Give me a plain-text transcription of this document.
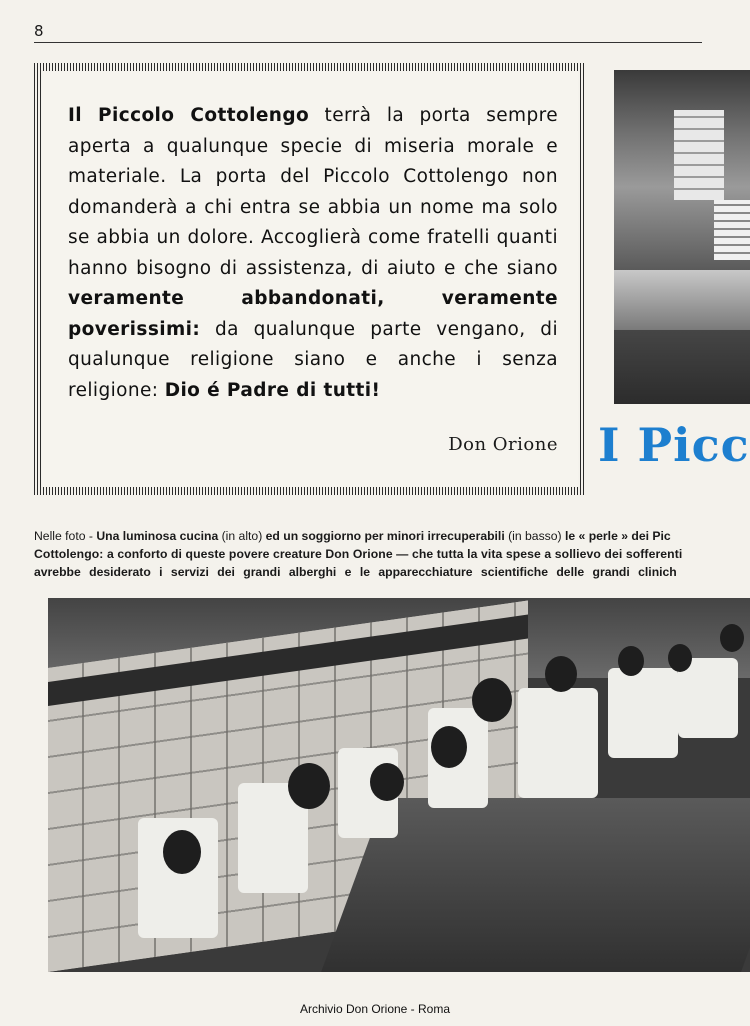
8

Il Piccolo Cottolengo terrà la porta sempre aperta a qualunque specie di miseria morale e materiale. La porta del Piccolo Cottolengo non domanderà a chi entra se abbia un nome ma solo se abbia un dolore. Accoglierà come fratelli quanti hanno bisogno di assistenza, di aiuto e che siano veramente abbandonati, veramente poverissimi: da qualunque parte vengano, di qualunque religione siano e anche i senza religione: Dio é Padre di tutti!

Don Orione I Picc
Nelle foto - Una luminosa cucina (in alto) ed un soggiorno per minori irrecuperabili (in basso) le « perle » dei Pic
Cottolengo: a conforto di queste povere creature Don Orione — che tutta la vita spese a sollievo dei sofferenti
avrebbe desiderato i servizi dei grandi alberghi e le apparecchiature scientifiche delle grandi clinich
Archivio Don Orione - Roma
